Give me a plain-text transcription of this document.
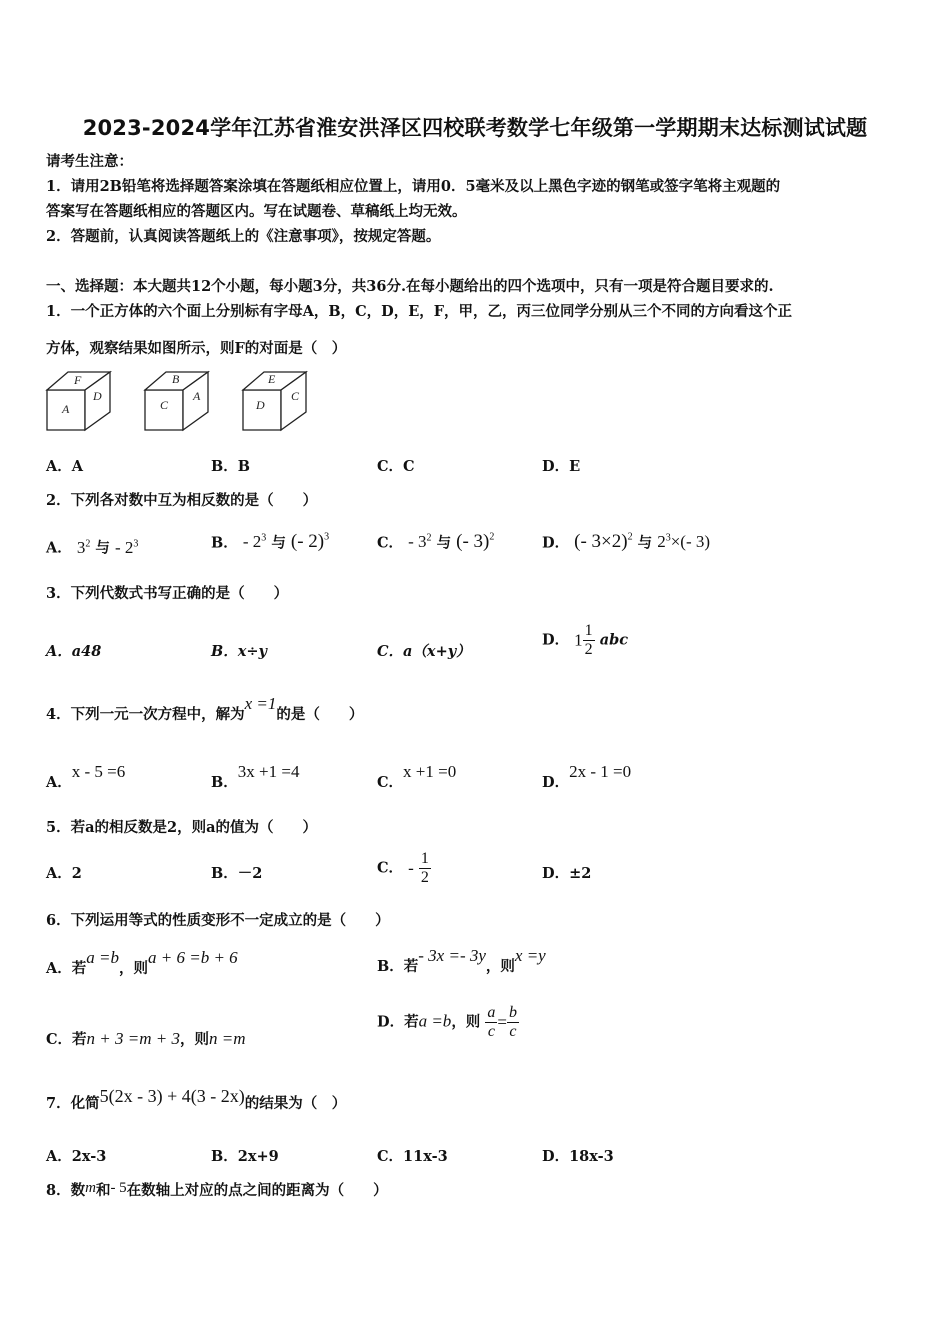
2023-2024学年江苏省淮安洪泽区四校联考数学七年级第一学期期末达标测试试题
请考生注意：
1．请用2B铅笔将选择题答案涂填在答题纸相应位置上，请用0．5毫米及以上黑色字迹的钢笔或签字笔将主观题的
答案写在答题纸相应的答题区内。写在试题卷、草稿纸上均无效。
2．答题前，认真阅读答题纸上的《注意事项》，按规定答题。
一、选择题：本大题共12个小题，每小题3分，共36分.在每小题给出的四个选项中，只有一项是符合题目要求的.
1．一个正方体的六个面上分别标有字母A，B，C，D，E，F，甲，乙，丙三位同学分别从三个不同的方向看这个正
方体，观察结果如图所示，则F的对面是（　）
F
A
D
B
C
A
E
D
C
A．A	B．B	C．C	D．E
2．下列各对数中互为相反数的是（　　）
A． $3^2$ 与 - $2^3$	B． - $2^3$ 与 (- 2)$^3$	C． - $3^2$ 与 (- 3)$^2$	D． (- 3×2)$^2$ 与 $2^3\times(-$ 3)
3．下列代数式书写正确的是（　　）
A．a48	B．x÷y	C．a（x+y）
D． $1 \frac{1}{2}$ abc
4．下列一元一次方程中，解为x =1的是（　　）
A．x - 5 =6
B．3x +1 =4
C．x +1 =0
D．2x - 1 =0
5．若a的相反数是2，则a的值为（　　）
A．2	B．－2	C． - $\frac{1}{2}$	D．±2
6．下列运用等式的性质变形不一定成立的是（　　）
A．若a =b，则a + 6 =b + 6	B．若- 3x =- 3y，则x =y
C．若n + 3 =m + 3，则n =m
D．若a =b，则 $\frac{a}{c} = \frac{b}{c}$
7．化简5(2x - 3) + 4(3 - 2x)的结果为（　）
A．2x-3	B．2x+9	C．11x-3	D．18x-3
8．数m和- 5在数轴上对应的点之间的距离为（　　）
